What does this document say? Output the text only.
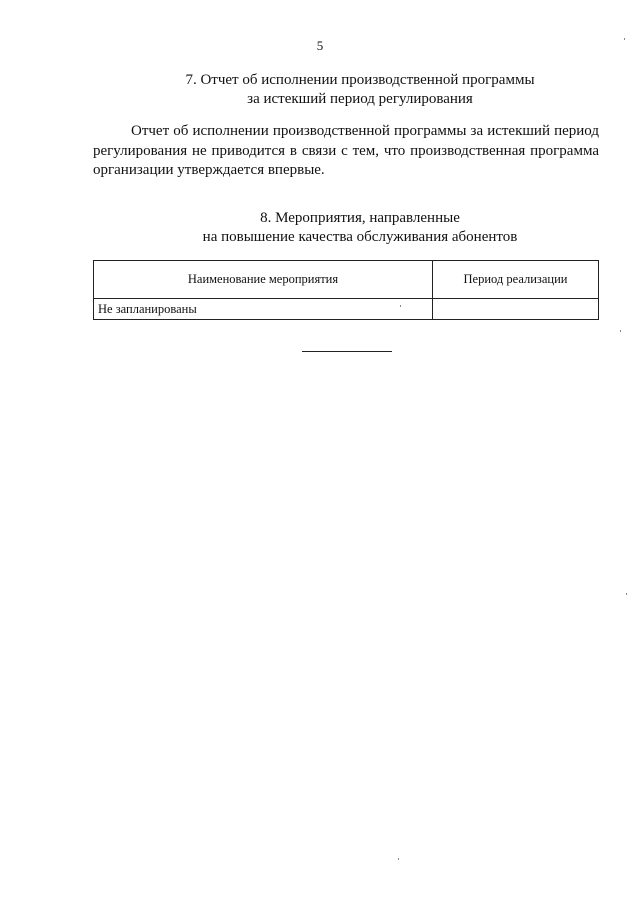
5
7. Отчет об исполнении производственной программы
за истекший период регулирования
Отчет об исполнении производственной программы за истекший период регулирования не приводится в связи с тем, что производственная программа организации утверждается впервые.
8. Мероприятия, направленные
на повышение качества обслуживания абонентов
Наименование мероприятия	Период реализации
Не запланированы	
